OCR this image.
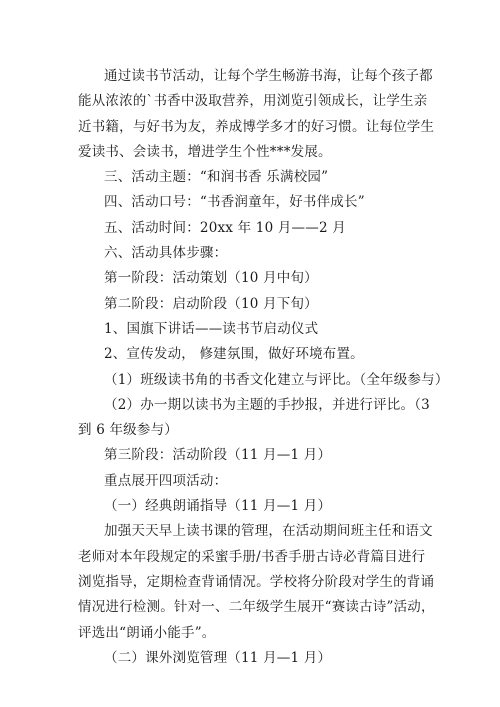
通过读书节活动，让每个学生畅游书海，让每个孩子都
能从浓浓的`书香中汲取营养，用浏览引领成长，让学生亲
近书籍，与好书为友，养成博学多才的好习惯。让每位学生
爱读书、会读书，增进学生个性***发展。
三、活动主题：“和润书香 乐满校园”
四、活动口号：“书香润童年，好书伴成长”
五、活动时间：20xx 年 10 月——2 月
六、活动具体步骤：
第一阶段：活动策划（10 月中旬）
第二阶段：启动阶段（10 月下旬）
1、国旗下讲话——读书节启动仪式
2、宣传发动， 修建氛围，做好环境布置。
（1）班级读书角的书香文化建立与评比。（全年级参与）
（2）办一期以读书为主题的手抄报，并进行评比。（3
到 6 年级参与）
第三阶段：活动阶段（11 月—1 月）
重点展开四项活动：
（一）经典朗诵指导（11 月—1 月）
加强天天早上读书课的管理，在活动期间班主任和语文
老师对本年段规定的采蜜手册/书香手册古诗必背篇目进行
浏览指导，定期检查背诵情况。学校将分阶段对学生的背诵
情况进行检测。针对一、二年级学生展开“赛读古诗”活动，
评选出“朗诵小能手”。
（二）课外浏览管理（11 月—1 月）
